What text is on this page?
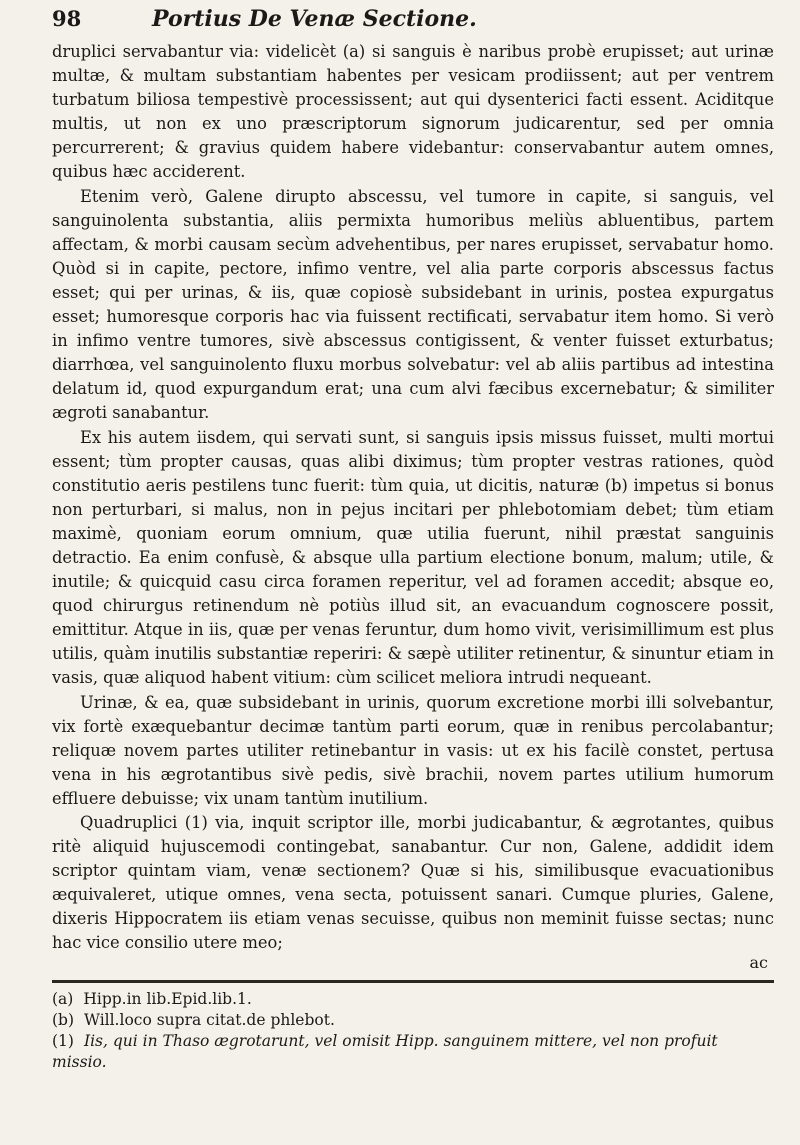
98	Portius De Venæ Sectione.

druplici servabantur via: videlicèt (a) si sanguis è naribus probè erupisset; aut urinæ multæ, & multam substantiam habentes per vesicam prodiissent; aut per ventrem turbatum biliosa tempestivè processissent; aut qui dysenterici facti essent. Aciditque multis, ut non ex uno præscriptorum signorum judicarentur, sed per omnia percurrerent; & gravius quidem habere videbantur: conservabantur autem omnes, quibus hæc acciderent.

Etenim verò, Galene dirupto abscessu, vel tumore in capite, si sanguis, vel sanguinolenta substantia, aliis permixta humoribus meliùs abluentibus, partem affectam, & morbi causam secùm advehentibus, per nares erupisset, servabatur homo. Quòd si in capite, pectore, infimo ventre, vel alia parte corporis abscessus factus esset; qui per urinas, & iis, quæ copiosè subsidebant in urinis, postea expurgatus esset; humoresque corporis hac via fuissent rectificati, servabatur item homo. Si verò in infimo ventre tumores, sivè abscessus contigissent, & venter fuisset exturbatus; diarrhœa, vel sanguinolento fluxu morbus solvebatur: vel ab aliis partibus ad intestina delatum id, quod expurgandum erat; una cum alvi fæcibus excernebatur; & similiter ægroti sanabantur.

Ex his autem iisdem, qui servati sunt, si sanguis ipsis missus fuisset, multi mortui essent; tùm propter causas, quas alibi diximus; tùm propter vestras rationes, quòd constitutio aeris pestilens tunc fuerit: tùm quia, ut dicitis, naturæ (b) impetus si bonus non perturbari, si malus, non in pejus incitari per phlebotomiam debet; tùm etiam maximè, quoniam eorum omnium, quæ utilia fuerunt, nihil præstat sanguinis detractio. Ea enim confusè, & absque ulla partium electione bonum, malum; utile, & inutile; & quicquid casu circa foramen reperitur, vel ad foramen accedit; absque eo, quod chirurgus retinendum nè potiùs illud sit, an evacuandum cognoscere possit, emittitur. Atque in iis, quæ per venas feruntur, dum homo vivit, verisimillimum est plus utilis, quàm inutilis substantiæ reperiri: & sæpè utiliter retinentur, & sinuntur etiam in vasis, quæ aliquod habent vitium: cùm scilicet meliora intrudi nequeant.

Urinæ, & ea, quæ subsidebant in urinis, quorum excretione morbi illi solvebantur, vix fortè exæquebantur decimæ tantùm parti eorum, quæ in renibus percolabantur; reliquæ novem partes utiliter retinebantur in vasis: ut ex his facilè constet, pertusa vena in his ægrotantibus sivè pedis, sivè brachii, novem partes utilium humorum effluere debuisse; vix unam tantùm inutilium.

Quadruplici (1) via, inquit scriptor ille, morbi judicabantur, & ægrotantes, quibus ritè aliquid hujuscemodi contingebat, sanabantur. Cur non, Galene, addidit idem scriptor quintam viam, venæ sectionem? Quæ si his, similibusque evacuationibus æquivaleret, utique omnes, vena secta, potuissent sanari. Cumque pluries, Galene, dixeris Hippocratem iis etiam venas secuisse, quibus non meminit fuisse sectas; nunc hac vice consilio utere meo;

ac
(a) Hipp.in lib.Epid.lib.1.
(b) Will.loco supra citat.de phlebot.
(1) Iis, qui in Thaso ægrotarunt, vel omisit Hipp. sanguinem mittere, vel non profuit missio.
